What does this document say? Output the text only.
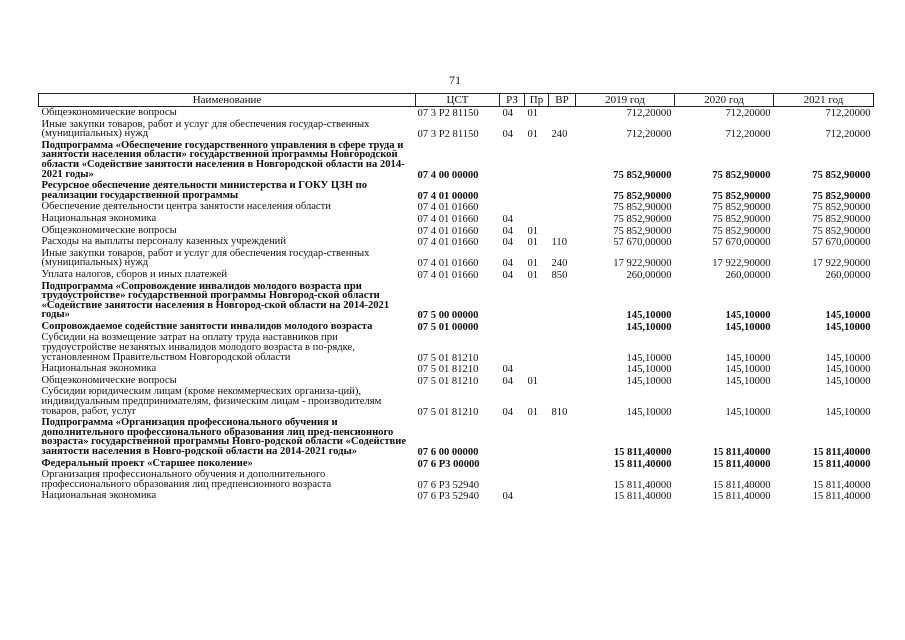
71
Наименование	ЦСТ	РЗ	Пр	ВР	2019 год	2020 год	2021 год
Общеэкономические вопросы	07 3 P2 81150	04	01		712,20000	712,20000	712,20000
Иные закупки товаров, работ и услуг для обеспечения государ-ственных (муниципальных) нужд	07 3 P2 81150	04	01	240	712,20000	712,20000	712,20000
Подпрограмма «Обеспечение государственного управления в сфере труда и занятости населения области» государственной программы Новгородской области «Содействие занятости населения в Новгородской области на 2014-2021 годы»	07 4 00 00000				75 852,90000	75 852,90000	75 852,90000
Ресурсное обеспечение деятельности министерства и ГОКУ ЦЗН по реализации государственной программы	07 4 01 00000				75 852,90000	75 852,90000	75 852,90000
Обеспечение деятельности центра занятости населения области	07 4 01 01660				75 852,90000	75 852,90000	75 852,90000
Национальная экономика	07 4 01 01660	04			75 852,90000	75 852,90000	75 852,90000
Общеэкономические вопросы	07 4 01 01660	04	01		75 852,90000	75 852,90000	75 852,90000
Расходы на выплаты персоналу казенных учреждений	07 4 01 01660	04	01	110	57 670,00000	57 670,00000	57 670,00000
Иные закупки товаров, работ и услуг для обеспечения государ-ственных (муниципальных) нужд	07 4 01 01660	04	01	240	17 922,90000	17 922,90000	17 922,90000
Уплата налогов, сборов и иных платежей	07 4 01 01660	04	01	850	260,00000	260,00000	260,00000
Подпрограмма «Сопровождение инвалидов молодого возраста при трудоустройстве» государственной программы Новгород-ской области «Содействие занятости населения в Новгород-ской области на 2014-2021 годы»	07 5 00 00000				145,10000	145,10000	145,10000
Сопровождаемое содействие занятости инвалидов молодого возраста	07 5 01 00000				145,10000	145,10000	145,10000
Субсидии на возмещение затрат на оплату труда наставников при трудоустройстве незанятых инвалидов молодого возраста в по-рядке, установленном Правительством Новгородской области	07 5 01 81210				145,10000	145,10000	145,10000
Национальная экономика	07 5 01 81210	04			145,10000	145,10000	145,10000
Общеэкономические вопросы	07 5 01 81210	04	01		145,10000	145,10000	145,10000
Субсидии юридическим лицам (кроме некоммерческих организа-ций), индивидуальным предпринимателям, физическим лицам - производителям товаров, работ, услуг	07 5 01 81210	04	01	810	145,10000	145,10000	145,10000
Подпрограмма «Организация профессионального обучения и дополнительного профессионального образования лиц пред-пенсионного возраста» государственной программы Новго-родской области «Содействие занятости населения в Новго-родской области на 2014-2021 годы»	07 6 00 00000				15 811,40000	15 811,40000	15 811,40000
Федеральный проект «Старшее поколение»	07 6 P3 00000				15 811,40000	15 811,40000	15 811,40000
Организация профессионального обучения и дополнительного профессионального образования лиц предпенсионного возраста	07 6 P3 52940				15 811,40000	15 811,40000	15 811,40000
Национальная экономика	07 6 P3 52940	04			15 811,40000	15 811,40000	15 811,40000
